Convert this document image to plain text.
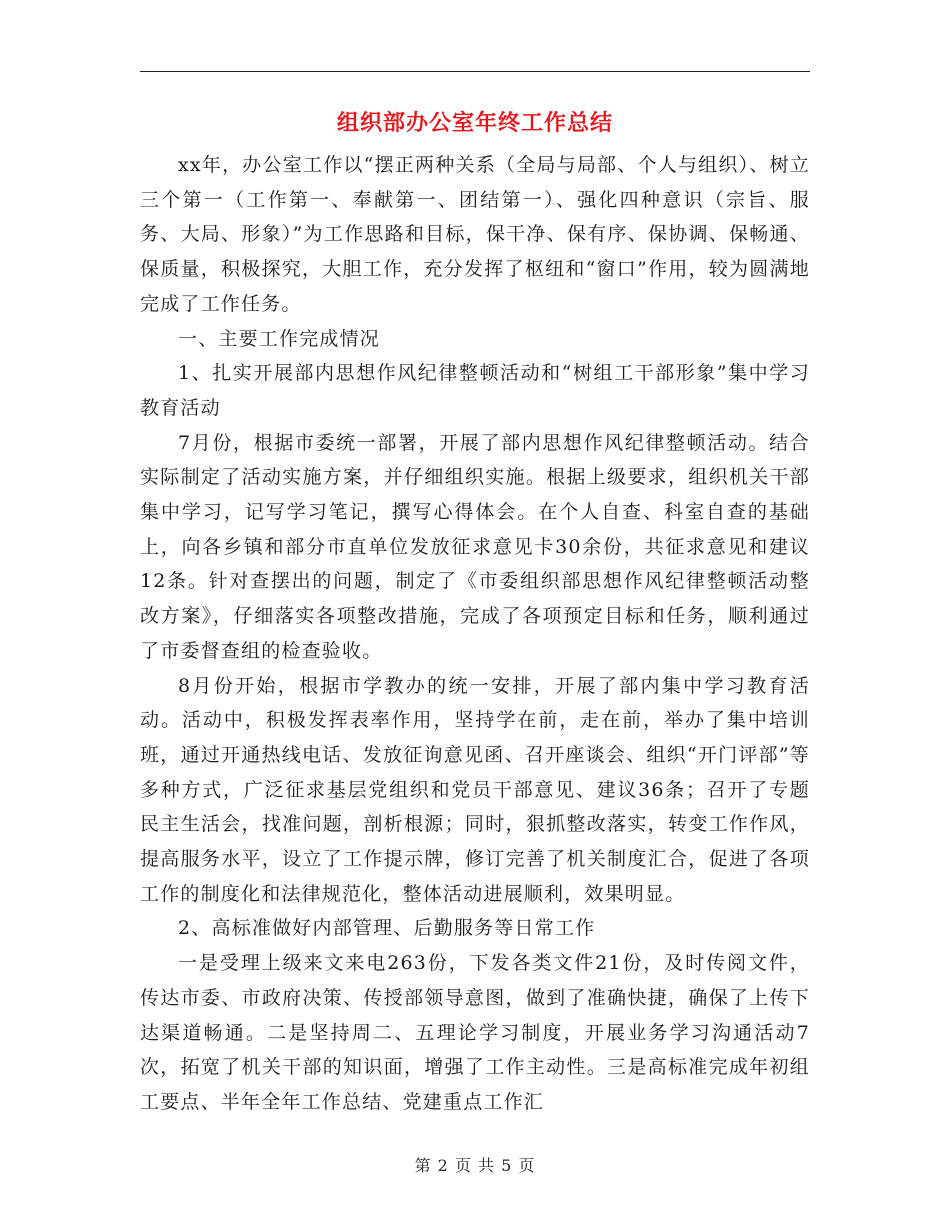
组织部办公室年终工作总结

xx年，办公室工作以“摆正两种关系（全局与局部、个人与组织）、树立三个第一（工作第一、奉献第一、团结第一）、强化四种意识（宗旨、服务、大局、形象）”为工作思路和目标，保干净、保有序、保协调、保畅通、保质量，积极探究，大胆工作，充分发挥了枢纽和“窗口”作用，较为圆满地完成了工作任务。

一、主要工作完成情况

1、扎实开展部内思想作风纪律整顿活动和“树组工干部形象”集中学习教育活动

7月份，根据市委统一部署，开展了部内思想作风纪律整顿活动。结合实际制定了活动实施方案，并仔细组织实施。根据上级要求，组织机关干部集中学习，记写学习笔记，撰写心得体会。在个人自查、科室自查的基础上，向各乡镇和部分市直单位发放征求意见卡30余份，共征求意见和建议12条。针对查摆出的问题，制定了《市委组织部思想作风纪律整顿活动整改方案》，仔细落实各项整改措施，完成了各项预定目标和任务，顺利通过了市委督查组的检查验收。

8月份开始，根据市学教办的统一安排，开展了部内集中学习教育活动。活动中，积极发挥表率作用，坚持学在前，走在前，举办了集中培训班，通过开通热线电话、发放征询意见函、召开座谈会、组织“开门评部”等多种方式，广泛征求基层党组织和党员干部意见、建议36条；召开了专题民主生活会，找准问题，剖析根源；同时，狠抓整改落实，转变工作作风，提高服务水平，设立了工作提示牌，修订完善了机关制度汇合，促进了各项工作的制度化和法律规范化，整体活动进展顺利，效果明显。

2、高标准做好内部管理、后勤服务等日常工作

一是受理上级来文来电263份，下发各类文件21份，及时传阅文件，传达市委、市政府决策、传授部领导意图，做到了准确快捷，确保了上传下达渠道畅通。二是坚持周二、五理论学习制度，开展业务学习沟通活动7次，拓宽了机关干部的知识面，增强了工作主动性。三是高标准完成年初组工要点、半年全年工作总结、党建重点工作汇

第 2 页 共 5 页
